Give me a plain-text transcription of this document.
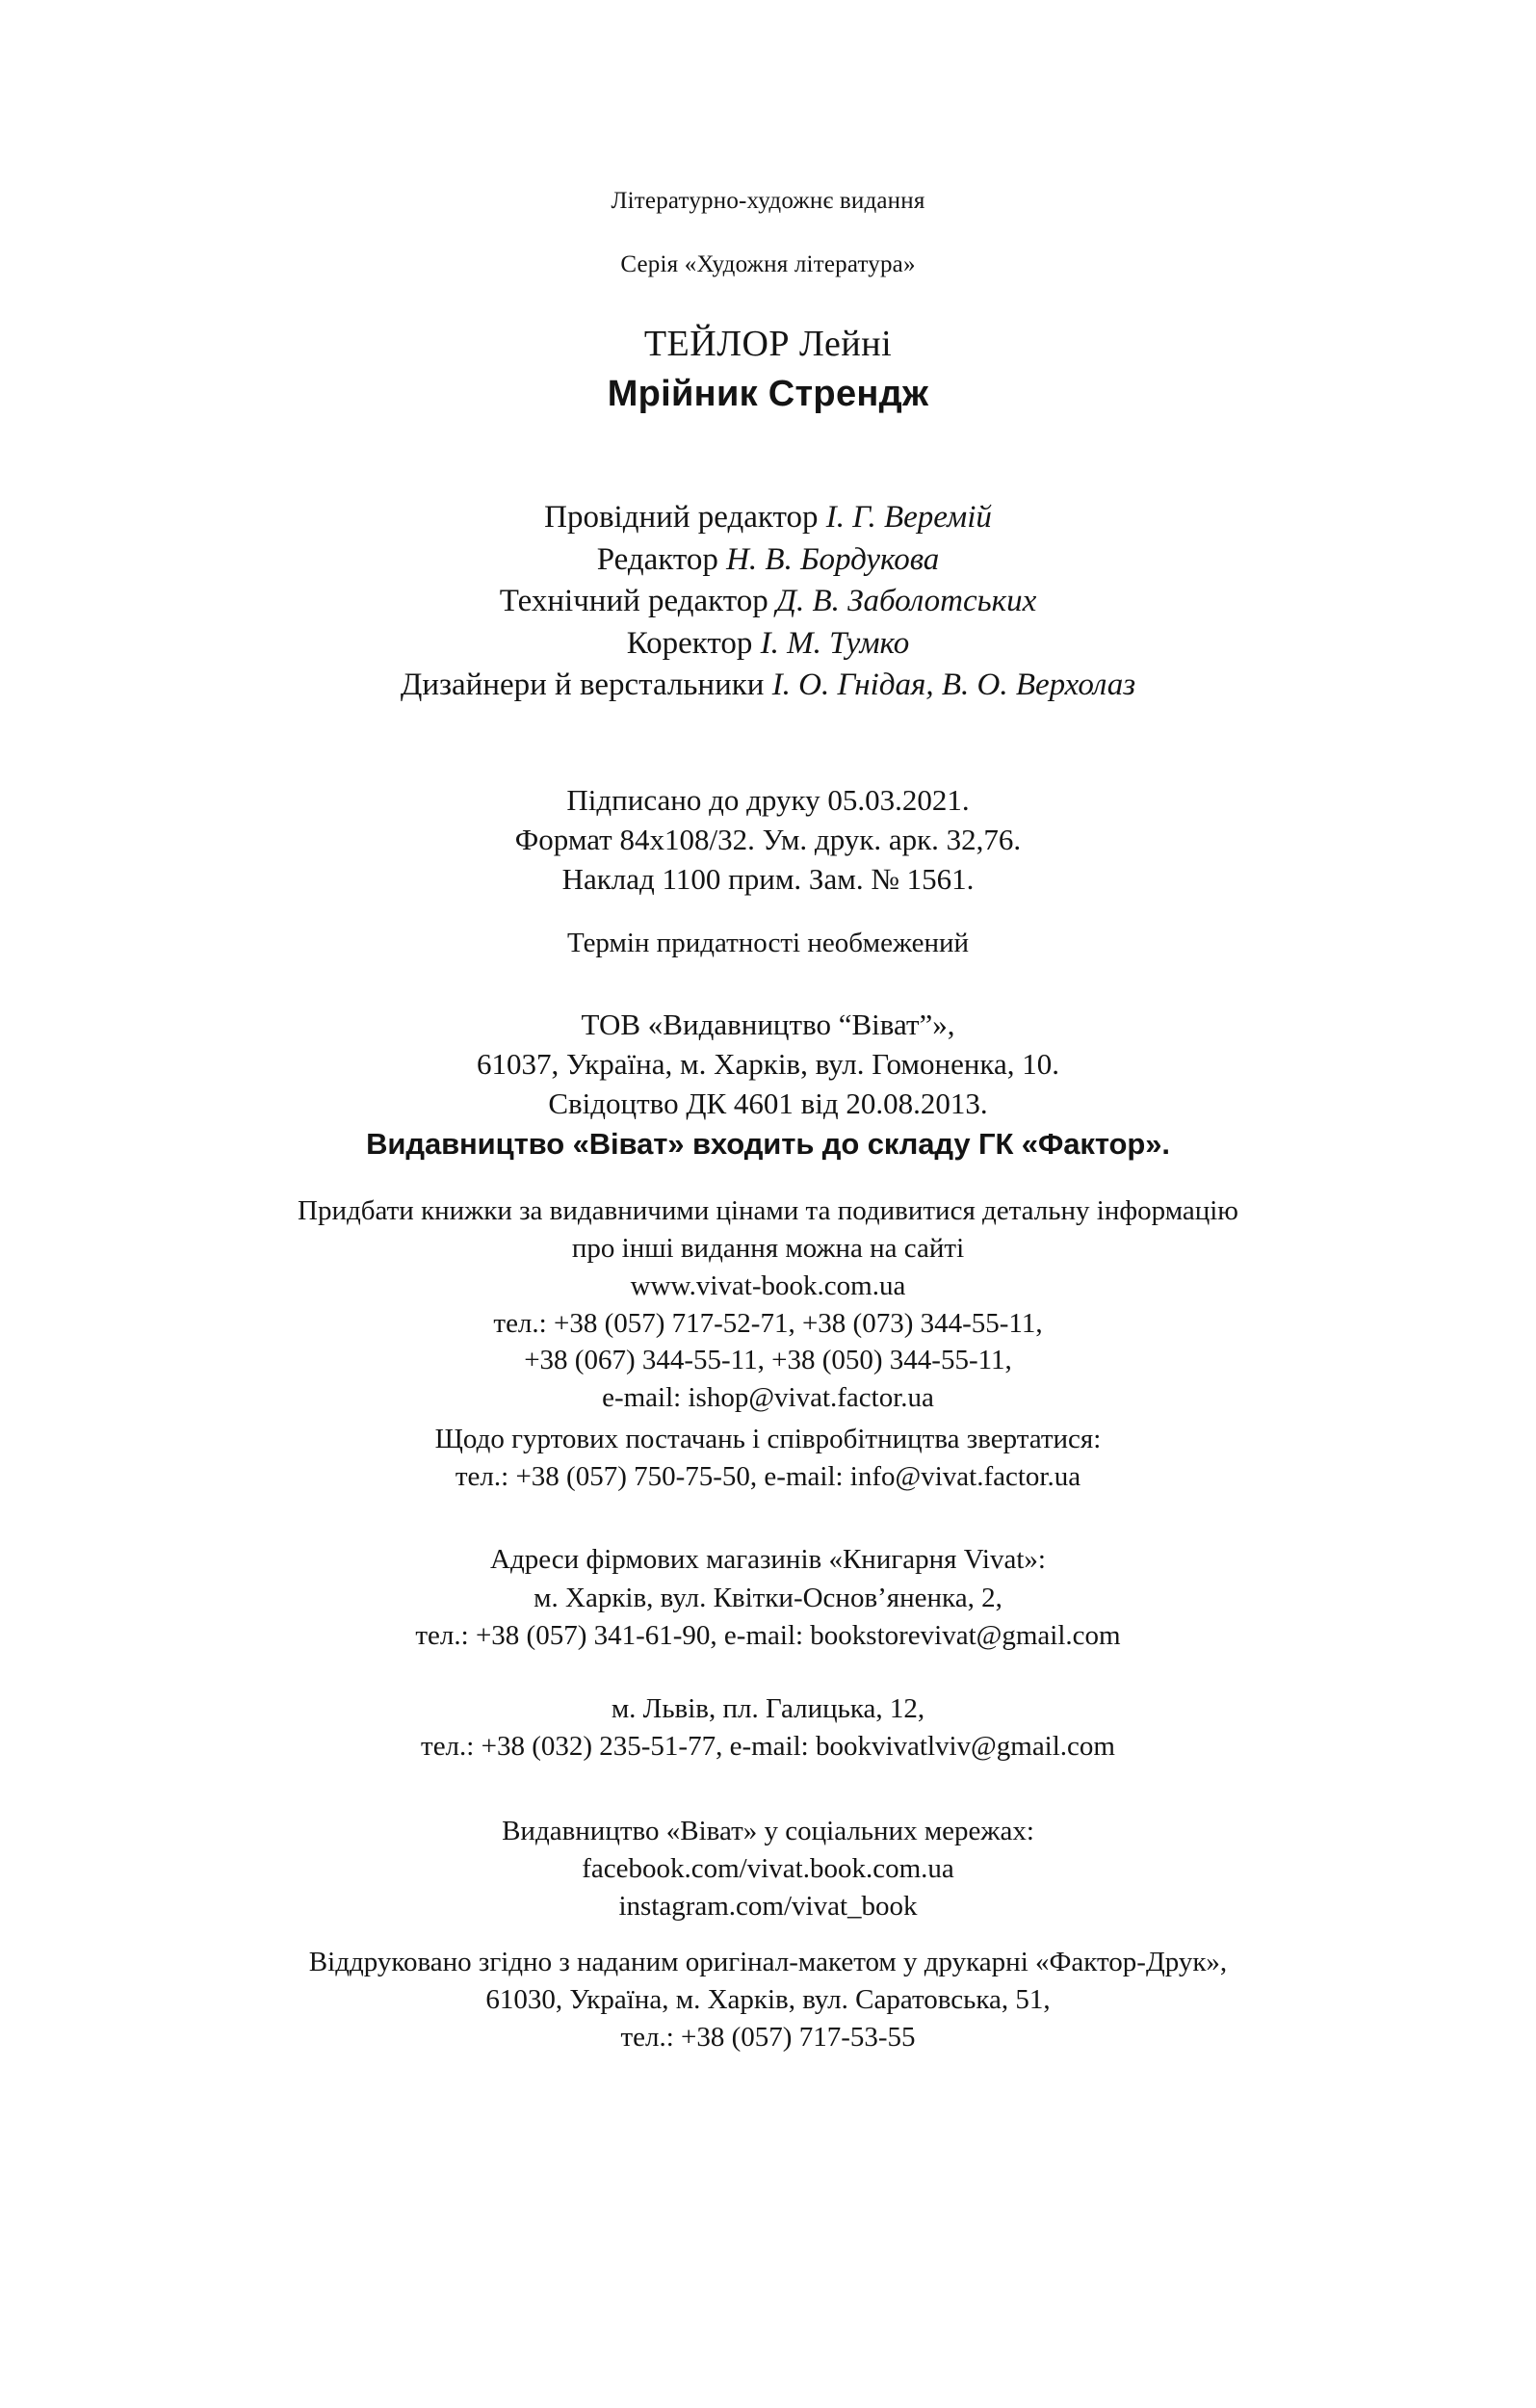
Літературно-художнє видання
Серія «Художня література»
ТЕЙЛОР Лейні
Мрійник Стрендж
Провідний редактор І. Г. Веремій
Редактор Н. В. Бордукова
Технічний редактор Д. В. Заболотських
Коректор І. М. Тумко
Дизайнери й верстальники І. О. Гнідая, В. О. Верхолаз
Підписано до друку 05.03.2021.
Формат 84х108/32. Ум. друк. арк. 32,76.
Наклад 1100 прим. Зам. № 1561.
Термін придатності необмежений
ТОВ «Видавництво “Віват”»,
61037, Україна, м. Харків, вул. Гомоненка, 10.
Свідоцтво ДК 4601 від 20.08.2013.
Видавництво «Віват» входить до складу ГК «Фактор».
Придбати книжки за видавничими цінами та подивитися детальну інформацію
про інші видання можна на сайті
www.vivat-book.com.ua
тел.: +38 (057) 717-52-71, +38 (073) 344-55-11,
+38 (067) 344-55-11, +38 (050) 344-55-11,
e-mail: ishop@vivat.factor.ua
Щодо гуртових постачань і співробітництва звертатися:
тел.: +38 (057) 750-75-50, e-mail: info@vivat.factor.ua
Адреси фірмових магазинів «Книгарня Vivat»:
м. Харків, вул. Квітки-Основ’яненка, 2,
тел.: +38 (057) 341-61-90, e-mail: bookstorevivat@gmail.com
м. Львів, пл. Галицька, 12,
тел.: +38 (032) 235-51-77, e-mail: bookvivatlviv@gmail.com
Видавництво «Віват» у соціальних мережах:
facebook.com/vivat.book.com.ua
instagram.com/vivat_book
Віддруковано згідно з наданим оригінал-макетом у друкарні «Фактор-Друк»,
61030, Україна, м. Харків, вул. Саратовська, 51,
тел.: +38 (057) 717-53-55
